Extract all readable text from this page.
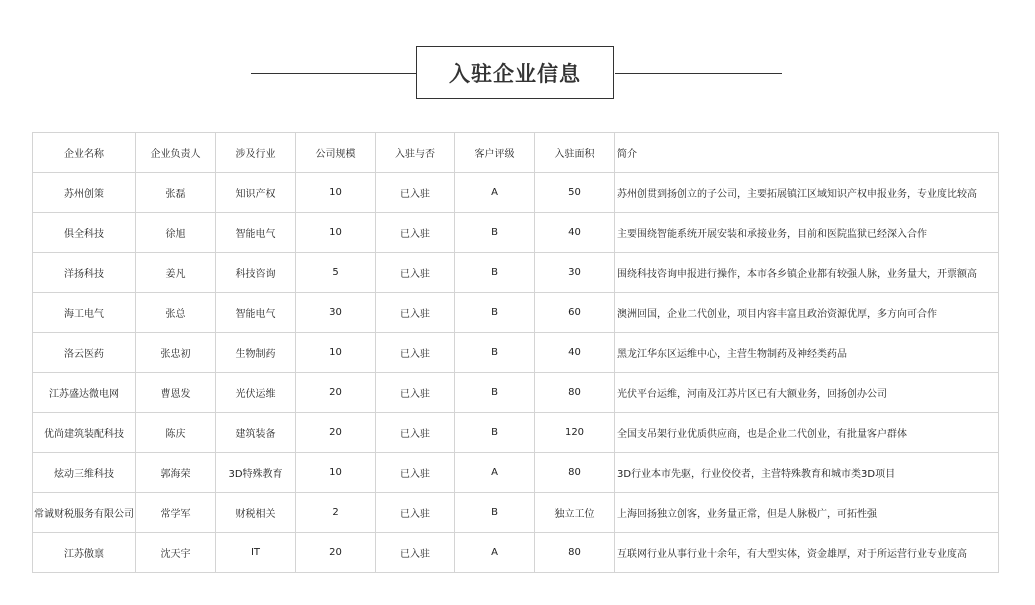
入驻企业信息
企业名称	企业负责人	涉及行业	公司规模	入驻与否	客户评级	入驻面积	简介
苏州创策	张磊	知识产权	10	已入驻	A	50	苏州创贯到扬创立的子公司，主要拓展镇江区域知识产权申报业务，专业度比较高
俱全科技	徐旭	智能电气	10	已入驻	B	40	主要围绕智能系统开展安装和承接业务，目前和医院监狱已经深入合作
洋扬科技	姜凡	科技咨询	5	已入驻	B	30	围绕科技咨询申报进行操作，本市各乡镇企业都有较强人脉，业务量大，开票额高
海工电气	张总	智能电气	30	已入驻	B	60	澳洲回国，企业二代创业，项目内容丰富且政治资源优厚，多方向可合作
洛云医药	张忠初	生物制药	10	已入驻	B	40	黑龙江华东区运维中心，主营生物制药及神经类药品
江苏盛达微电网	曹恩发	光伏运维	20	已入驻	B	80	光伏平台运维，河南及江苏片区已有大额业务，回扬创办公司
优尚建筑装配科技	陈庆	建筑装备	20	已入驻	B	120	全国支吊架行业优质供应商，也是企业二代创业，有批量客户群体
炫动三维科技	郭海荣	3D特殊教育	10	已入驻	A	80	3D行业本市先驱，行业佼佼者，主营特殊教育和城市类3D项目
常诚财税服务有限公司	常学军	财税相关	2	已入驻	B	独立工位	上海回扬独立创客，业务量正常，但是人脉极广，可拓性强
江苏傲禀	沈天宇	IT	20	已入驻	A	80	互联网行业从事行业十余年，有大型实体，资金雄厚，对于所运营行业专业度高
